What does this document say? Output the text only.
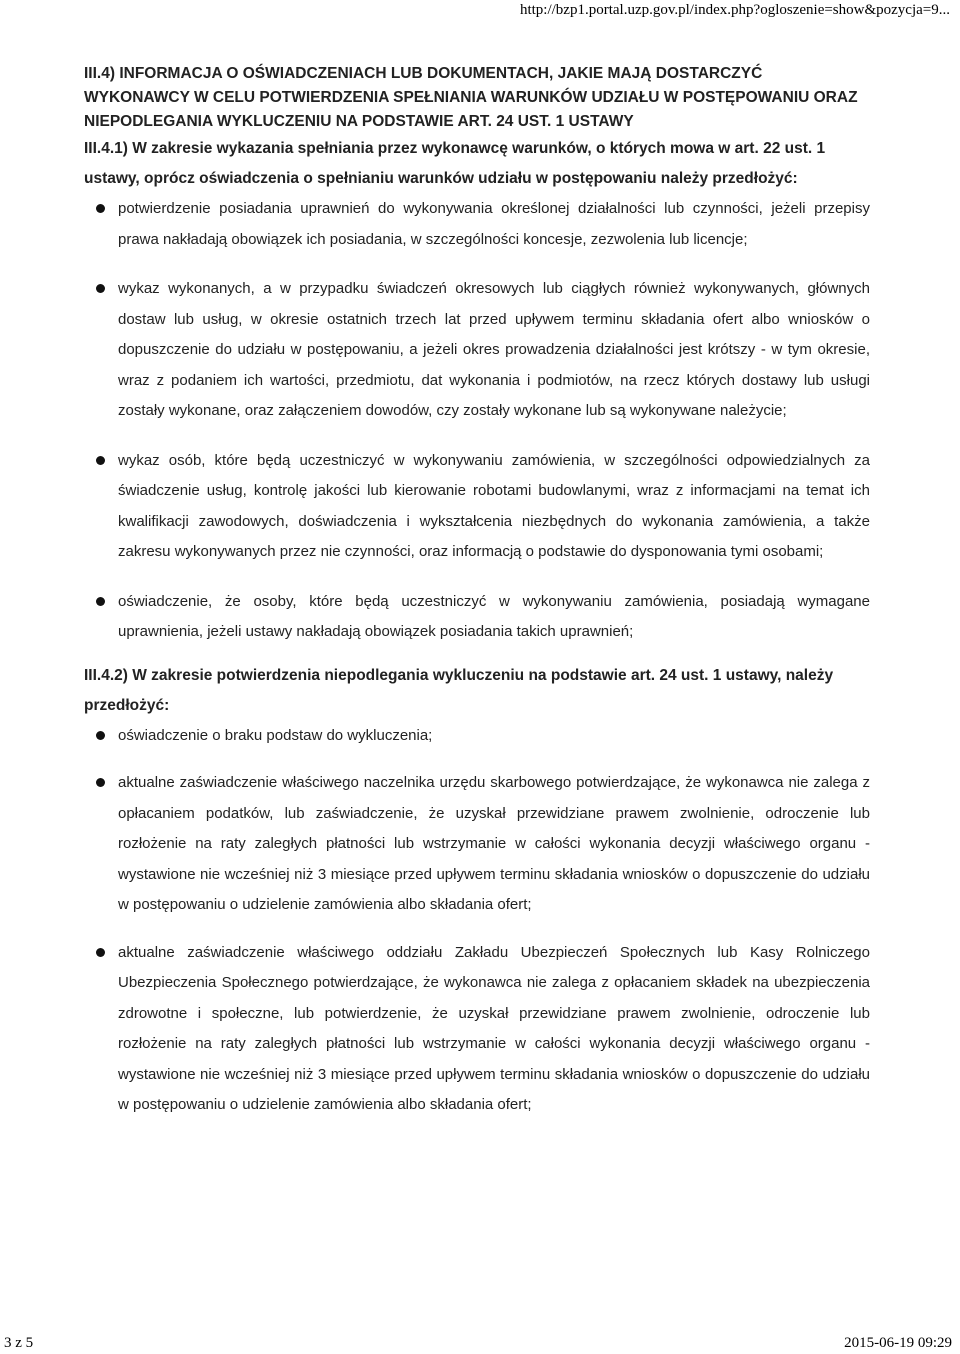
http://bzp1.portal.uzp.gov.pl/index.php?ogloszenie=show&pozycja=9...

III.4) INFORMACJA O OŚWIADCZENIACH LUB DOKUMENTACH, JAKIE MAJĄ DOSTARCZYĆ WYKONAWCY W CELU POTWIERDZENIA SPEŁNIANIA WARUNKÓW UDZIAŁU W POSTĘPOWANIU ORAZ NIEPODLEGANIA WYKLUCZENIU NA PODSTAWIE ART. 24 UST. 1 USTAWY

III.4.1) W zakresie wykazania spełniania przez wykonawcę warunków, o których mowa w art. 22 ust. 1 ustawy, oprócz oświadczenia o spełnianiu warunków udziału w postępowaniu należy przedłożyć:

potwierdzenie posiadania uprawnień do wykonywania określonej działalności lub czynności, jeżeli przepisy prawa nakładają obowiązek ich posiadania, w szczególności koncesje, zezwolenia lub licencje;
wykaz wykonanych, a w przypadku świadczeń okresowych lub ciągłych również wykonywanych, głównych dostaw lub usług, w okresie ostatnich trzech lat przed upływem terminu składania ofert albo wniosków o dopuszczenie do udziału w postępowaniu, a jeżeli okres prowadzenia działalności jest krótszy - w tym okresie, wraz z podaniem ich wartości, przedmiotu, dat wykonania i podmiotów, na rzecz których dostawy lub usługi zostały wykonane, oraz załączeniem dowodów, czy zostały wykonane lub są wykonywane należycie;
wykaz osób, które będą uczestniczyć w wykonywaniu zamówienia, w szczególności odpowiedzialnych za świadczenie usług, kontrolę jakości lub kierowanie robotami budowlanymi, wraz z informacjami na temat ich kwalifikacji zawodowych, doświadczenia i wykształcenia niezbędnych do wykonania zamówienia, a także zakresu wykonywanych przez nie czynności, oraz informacją o podstawie do dysponowania tymi osobami;
oświadczenie, że osoby, które będą uczestniczyć w wykonywaniu zamówienia, posiadają wymagane uprawnienia, jeżeli ustawy nakładają obowiązek posiadania takich uprawnień;

III.4.2) W zakresie potwierdzenia niepodlegania wykluczeniu na podstawie art. 24 ust. 1 ustawy, należy przedłożyć:

oświadczenie o braku podstaw do wykluczenia;
aktualne zaświadczenie właściwego naczelnika urzędu skarbowego potwierdzające, że wykonawca nie zalega z opłacaniem podatków, lub zaświadczenie, że uzyskał przewidziane prawem zwolnienie, odroczenie lub rozłożenie na raty zaległych płatności lub wstrzymanie w całości wykonania decyzji właściwego organu - wystawione nie wcześniej niż 3 miesiące przed upływem terminu składania wniosków o dopuszczenie do udziału w postępowaniu o udzielenie zamówienia albo składania ofert;
aktualne zaświadczenie właściwego oddziału Zakładu Ubezpieczeń Społecznych lub Kasy Rolniczego Ubezpieczenia Społecznego potwierdzające, że wykonawca nie zalega z opłacaniem składek na ubezpieczenia zdrowotne i społeczne, lub potwierdzenie, że uzyskał przewidziane prawem zwolnienie, odroczenie lub rozłożenie na raty zaległych płatności lub wstrzymanie w całości wykonania decyzji właściwego organu - wystawione nie wcześniej niż 3 miesiące przed upływem terminu składania wniosków o dopuszczenie do udziału w postępowaniu o udzielenie zamówienia albo składania ofert;
3 z 5	2015-06-19 09:29
